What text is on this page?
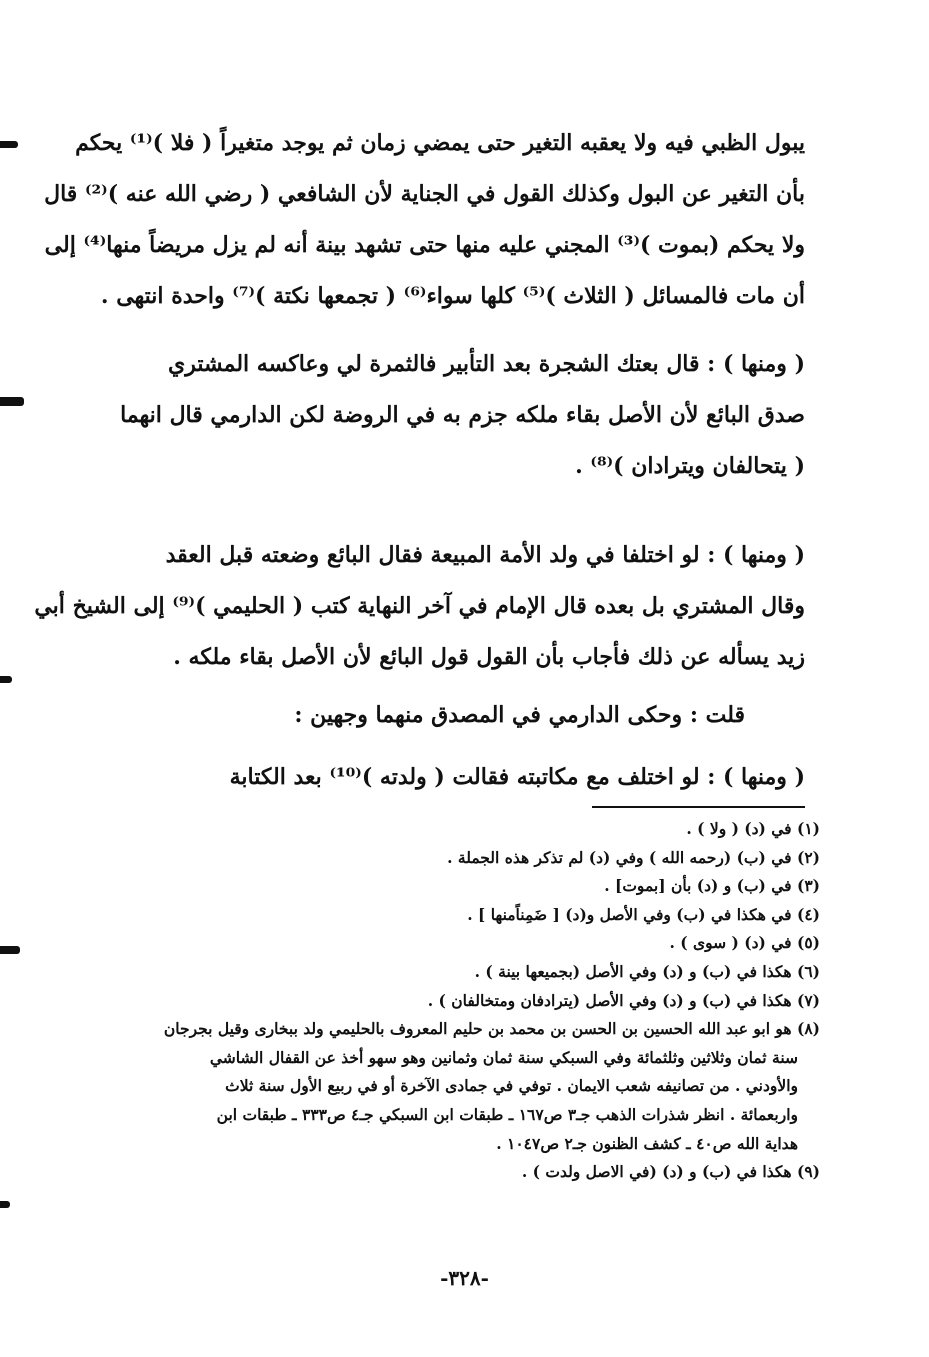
يبول الظبي فيه ولا يعقبه التغير حتى يمضي زمان ثم يوجد متغيراً ( فلا )⁽¹⁾ يحكم

بأن التغير عن البول وكذلك القول في الجناية لأن الشافعي ( رضي الله عنه )⁽²⁾ قال

ولا يحكم (بموت )⁽³⁾ المجني عليه منها حتى تشهد بينة أنه لم يزل مريضاً منها⁽⁴⁾ إلى

أن مات فالمسائل ( الثلاث )⁽⁵⁾ كلها سواء⁽⁶⁾ ( تجمعها نكتة )⁽⁷⁾ واحدة انتهى .

( ومنها ) : قال بعتك الشجرة بعد التأبير فالثمرة لي وعاكسه المشتري

صدق البائع لأن الأصل بقاء ملكه جزم به في الروضة لكن الدارمي قال انهما

( يتحالفان ويترادان )⁽⁸⁾ .

( ومنها ) : لو اختلفا في ولد الأمة المبيعة فقال البائع وضعته قبل العقد

وقال المشتري بل بعده قال الإمام في آخر النهاية كتب ( الحليمي )⁽⁹⁾ إلى الشيخ أبي

زيد يسأله عن ذلك فأجاب بأن القول قول البائع لأن الأصل بقاء ملكه .

قلت : وحكى الدارمي في المصدق منهما وجهين :

( ومنها ) : لو اختلف مع مكاتبته فقالت ( ولدته )⁽¹⁰⁾ بعد الكتابة

(١) في (د) ( ولا ) .
(٢) في (ب) (رحمه الله ) وفي (د) لم تذكر هذه الجملة .
(٣) في (ب) و (د) بأن [بموت] .
(٤) في هكذا في (ب) وفي الأصل و(د) [ ضَمِناًمنها ] .
(٥) في (د) ( سوى ) .
(٦) هكذا في (ب) و (د) وفي الأصل (بجميعها بينة ) .
(٧) هكذا في (ب) و (د) وفي الأصل (يترادفان ومتخالفان ) .
(٨) هو ابو عبد الله الحسين بن الحسن بن محمد بن حليم المعروف بالحليمي ولد ببخارى وقيل بجرجان
سنة ثمان وثلاثين وثلثمائة وفي السبكي سنة ثمان وثمانين وهو سهو أخذ عن القفال الشاشي
والأودني . من تصانيفه شعب الايمان . توفي في جمادى الآخرة أو في ربيع الأول سنة ثلاث
واربعمائة . انظر شذرات الذهب جـ٣ ص١٦٧ ـ طبقات ابن السبكي جـ٤ ص٣٣٣ ـ طبقات ابن
هداية الله ص٤٠ ـ كشف الظنون جـ٢ ص١٠٤٧ .
(٩) هكذا في (ب) و (د) (في الاصل ولدت ) .
-٣٢٨-
